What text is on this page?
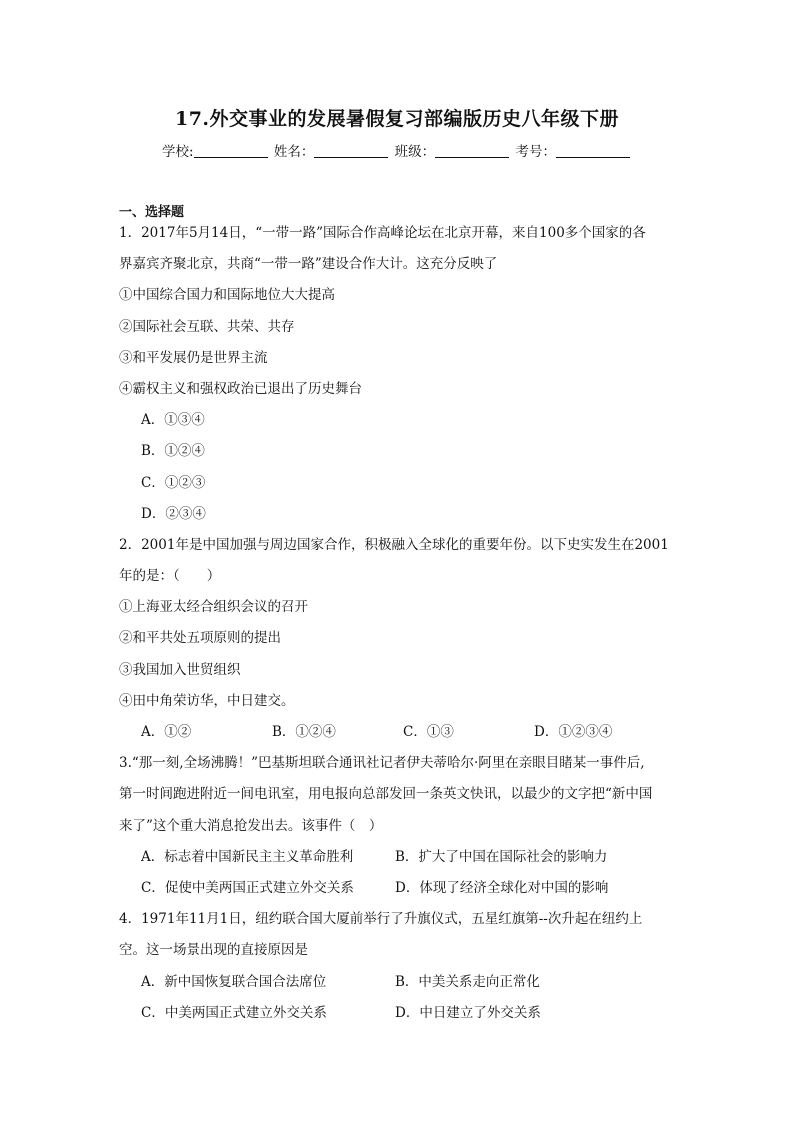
17.外交事业的发展暑假复习部编版历史八年级下册
学校:	姓名：	班级：	考号：
一、选择题
1．2017年5月14日，“一带一路”国际合作高峰论坛在北京开幕，来自100多个国家的各
界嘉宾齐聚北京，共商“一带一路”建设合作大计。这充分反映了
①中国综合国力和国际地位大大提高
②国际社会互联、共荣、共存
③和平发展仍是世界主流
④霸权主义和强权政治已退出了历史舞台
A．①③④
B．①②④
C．①②③
D．②③④
2．2001年是中国加强与周边国家合作，积极融入全球化的重要年份。以下史实发生在2001
年的是：（　　）
①上海亚太经合组织会议的召开
②和平共处五项原则的提出
③我国加入世贸组织
④田中角荣访华，中日建交。
A．①②	B．①②④	C．①③	D．①②③④
3.“那一刻,全场沸腾！”巴基斯坦联合通讯社记者伊夫蒂哈尔·阿里在亲眼目睹某一事件后,
第一时间跑进附近一间电讯室，用电报向总部发回一条英文快讯，以最少的文字把“新中国
来了”这个重大消息抢发出去。该事件（　）
A．标志着中国新民主主义革命胜利	B．扩大了中国在国际社会的影响力
C．促使中美两国正式建立外交关系	D．体现了经济全球化对中国的影响
4．1971年11月1日，纽约联合国大厦前举行了升旗仪式，五星红旗第--次升起在纽约上
空。这一场景出现的直接原因是
A．新中国恢复联合国合法席位	B．中美关系走向正常化
C．中美两国正式建立外交关系	D．中日建立了外交关系
